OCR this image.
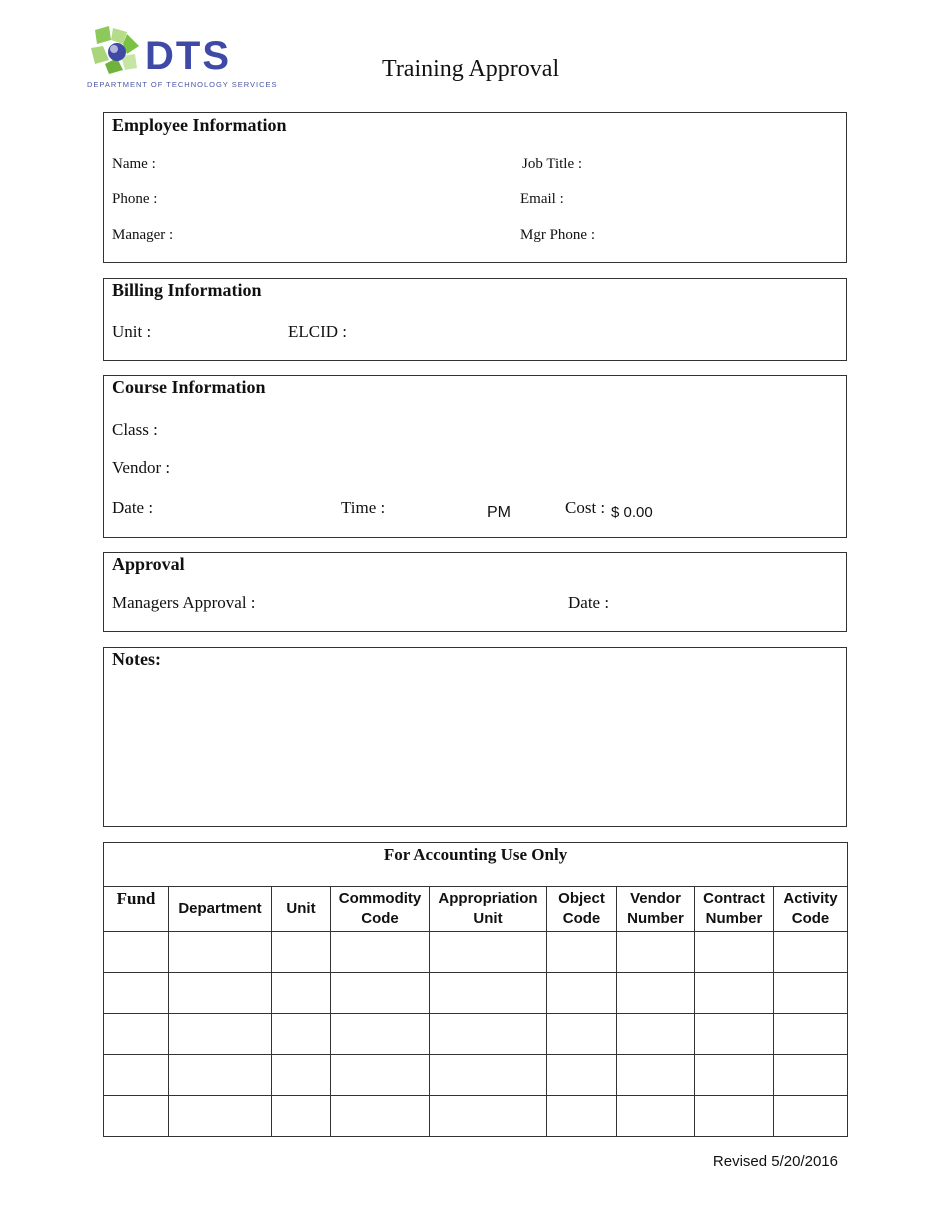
DTS
DEPARTMENT OF TECHNOLOGY SERVICES
Training Approval
Employee Information
Name :	Job Title :
Phone :	Email :
Manager :	Mgr Phone :
Billing Information
Unit :	ELCID :
Course Information
Class :
Vendor :
Date :	Time :	PM	Cost : $ 0.00
Approval
Managers Approval :	Date :
Notes:
For Accounting Use Only								
Fund	Department	Unit	Commodity Code	Appropriation Unit	Object Code	Vendor Number	Contract Number	Activity Code

Revised 5/20/2016
